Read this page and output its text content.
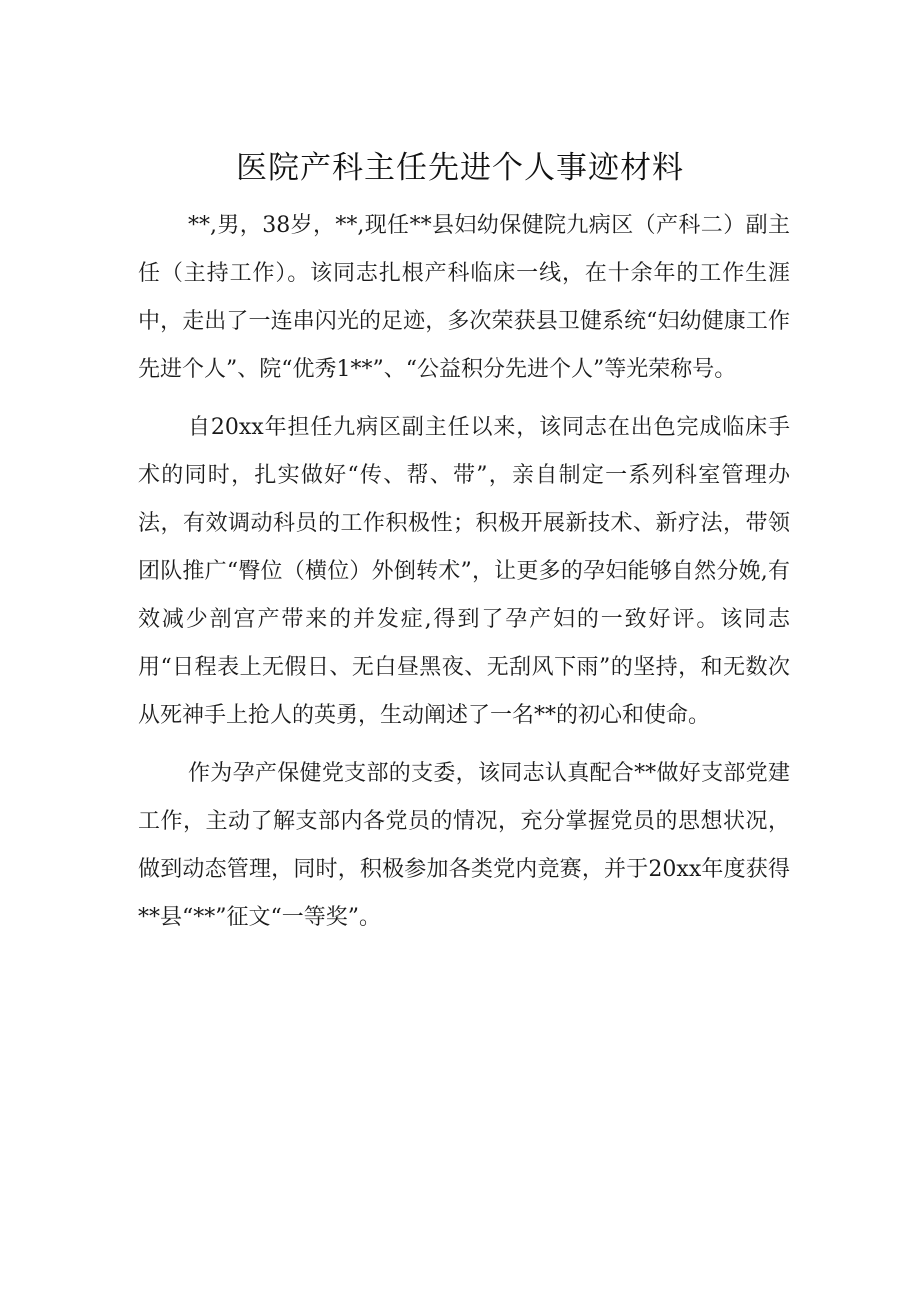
医院产科主任先进个人事迹材料

**,男，38岁，**,现任**县妇幼保健院九病区（产科二）副主任（主持工作）。该同志扎根产科临床一线，在十余年的工作生涯中，走出了一连串闪光的足迹，多次荣获县卫健系统“妇幼健康工作先进个人”、院“优秀1**”、“公益积分先进个人”等光荣称号。

自20xx年担任九病区副主任以来，该同志在出色完成临床手术的同时，扎实做好“传、帮、带”，亲自制定一系列科室管理办法，有效调动科员的工作积极性；积极开展新技术、新疗法，带领团队推广“臀位（横位）外倒转术”，让更多的孕妇能够自然分娩,有效减少剖宫产带来的并发症,得到了孕产妇的一致好评。该同志用“日程表上无假日、无白昼黑夜、无刮风下雨”的坚持，和无数次从死神手上抢人的英勇，生动阐述了一名**的初心和使命。

作为孕产保健党支部的支委，该同志认真配合**做好支部党建工作，主动了解支部内各党员的情况，充分掌握党员的思想状况，做到动态管理，同时，积极参加各类党内竞赛，并于20xx年度获得**县“**”征文“一等奖”。
